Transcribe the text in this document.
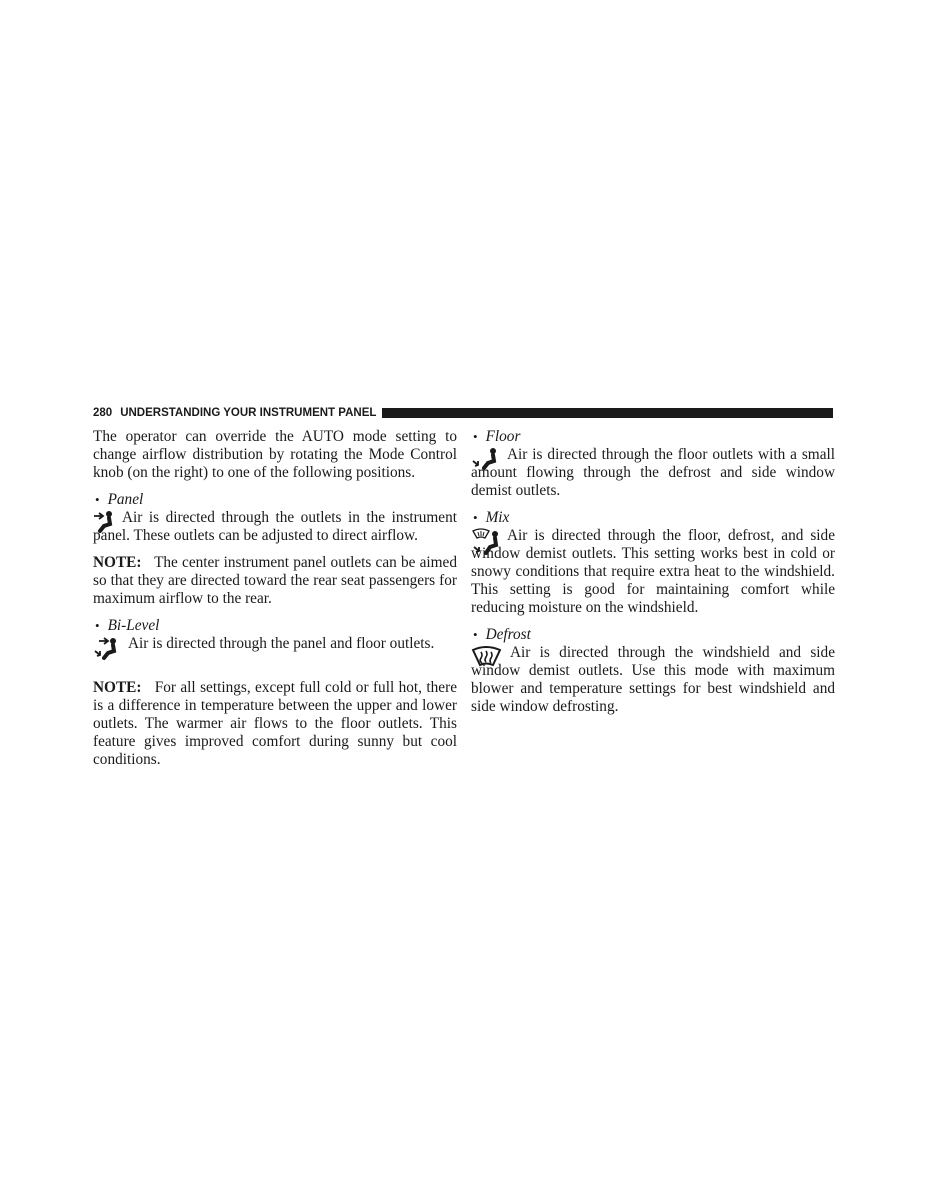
280 UNDERSTANDING YOUR INSTRUMENT PANEL

The operator can override the AUTO mode setting to change airflow distribution by rotating the Mode Control knob (on the right) to one of the following positions.

• Panel

Air is directed through the outlets in the instrument panel. These outlets can be adjusted to direct airflow.

NOTE: The center instrument panel outlets can be aimed so that they are directed toward the rear seat passengers for maximum airflow to the rear.

• Bi-Level

Air is directed through the panel and floor outlets.

NOTE: For all settings, except full cold or full hot, there is a difference in temperature between the upper and lower outlets. The warmer air flows to the floor outlets. This feature gives improved comfort during sunny but cool conditions.

• Floor

Air is directed through the floor outlets with a small amount flowing through the defrost and side window demist outlets.

• Mix

Air is directed through the floor, defrost, and side window demist outlets. This setting works best in cold or snowy conditions that require extra heat to the windshield. This setting is good for maintaining comfort while reducing moisture on the windshield.

• Defrost

Air is directed through the windshield and side window demist outlets. Use this mode with maximum blower and temperature settings for best windshield and side window defrosting.
